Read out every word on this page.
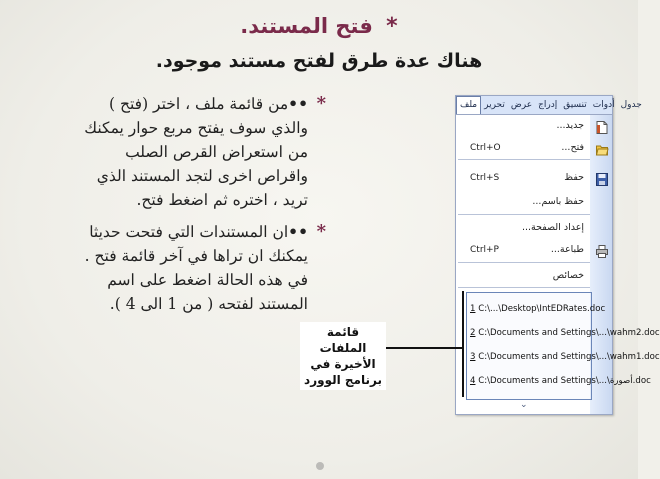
* فتح المستند.
هناك عدة طرق لفتح مستند موجود.
*
••من قائمة ملف ، اختر (فتح )
والذي سوف يفتح مربع حوار يمكنك
من استعراض القرص الصلب
واقراص اخرى لتجد المستند الذي
تريد ، اختره ثم اضغط فتح.
*
••ان المستندات التي فتحت حديثا
يمكنك ان تراها في آخر قائمة فتح .
في هذه الحالة اضغط على اسم
المستند لفتحه ( من 1 الى 4 ).
ملف تحرير عرض إدراج تنسيق أدوات جدول
جديد...
فتح...
Ctrl+O
حفظ
Ctrl+S
حفظ باسم...
إعداد الصفحة...
طباعة...
Ctrl+P
خصائص
1 C:\...\Desktop\IntEDRates.doc
2 C:\Documents and Settings\...\wahm2.doc
3 C:\Documents and Settings\...\wahm1.doc
4 C:\Documents and Settings\...\أصورة.doc
⌄
قائمة الملفات الأخيرة في برنامج الوورد
